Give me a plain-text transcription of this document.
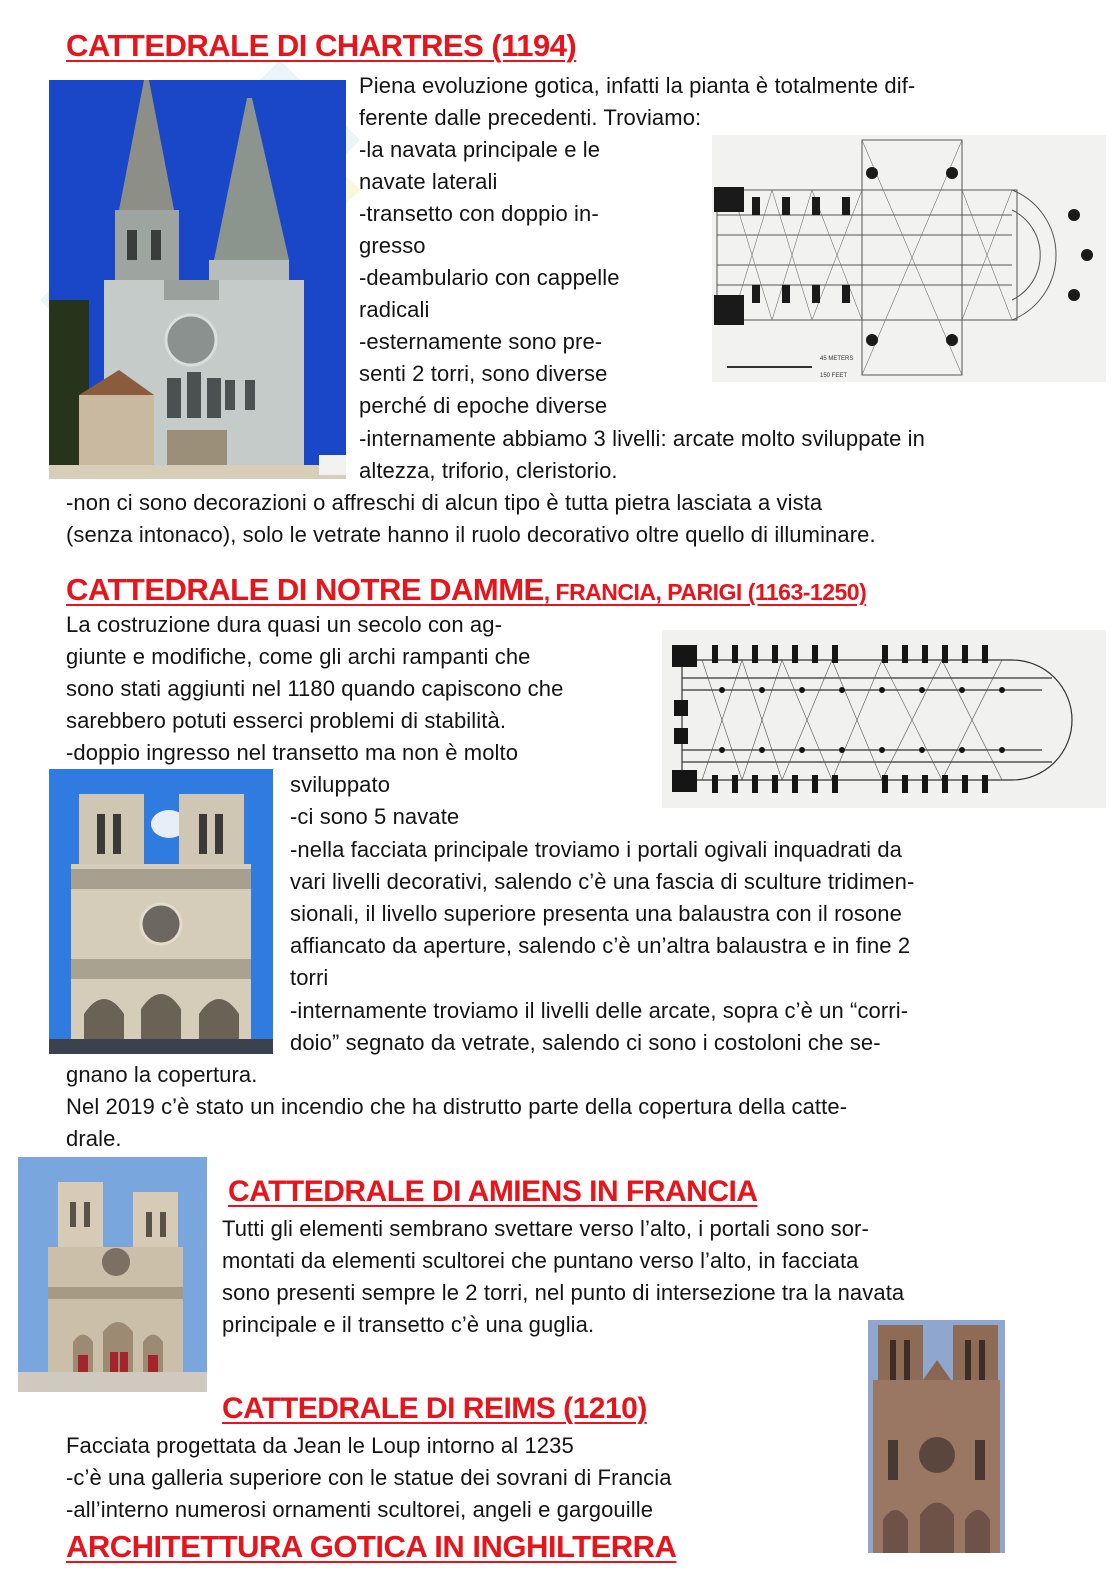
CATTEDRALE DI CHARTRES (1194)
45 METERS
150 FEET
Piena evoluzione gotica, infatti la pianta è totalmente dif-
ferente dalle precedenti. Troviamo:
-la navata principale e le
navate laterali
-transetto con doppio in-
gresso
-deambulario con cappelle
radicali
-esternamente sono pre-
senti 2 torri, sono diverse
perché di epoche diverse
-internamente abbiamo 3 livelli: arcate molto sviluppate in
altezza, triforio, cleristorio.
-non ci sono decorazioni o affreschi di alcun tipo è tutta pietra lasciata a vista
(senza intonaco), solo le vetrate hanno il ruolo decorativo oltre quello di illuminare.
CATTEDRALE DI NOTRE DAMME, FRANCIA, PARIGI (1163-1250)
La costruzione dura quasi un secolo con ag-
giunte e modifiche, come gli archi rampanti che
sono stati aggiunti nel 1180 quando capiscono che
sarebbero potuti esserci problemi di stabilità.
-doppio ingresso nel transetto ma non è molto
sviluppato
-ci sono 5 navate
-nella facciata principale troviamo i portali ogivali inquadrati da
vari livelli decorativi, salendo c’è una fascia di sculture tridimen-
sionali, il livello superiore presenta una balaustra con il rosone
affiancato da aperture, salendo c’è un’altra balaustra e in fine 2
torri
-internamente troviamo il livelli delle arcate, sopra c’è un “corri-
doio” segnato da vetrate, salendo ci sono i costoloni che se-
gnano la copertura.
Nel 2019 c’è stato un incendio che ha distrutto parte della copertura della catte-
drale.
CATTEDRALE DI AMIENS IN FRANCIA
Tutti gli elementi sembrano svettare verso l’alto, i portali sono sor-
montati da elementi scultorei che puntano verso l’alto, in facciata
sono presenti sempre le 2 torri, nel punto di intersezione tra la navata
principale e il transetto c’è una guglia.
CATTEDRALE DI REIMS (1210)
Facciata progettata da Jean le Loup intorno al 1235
-c’è una galleria superiore con le statue dei sovrani di Francia
-all’interno numerosi ornamenti scultorei, angeli e gargouille
ARCHITETTURA GOTICA IN INGHILTERRA
